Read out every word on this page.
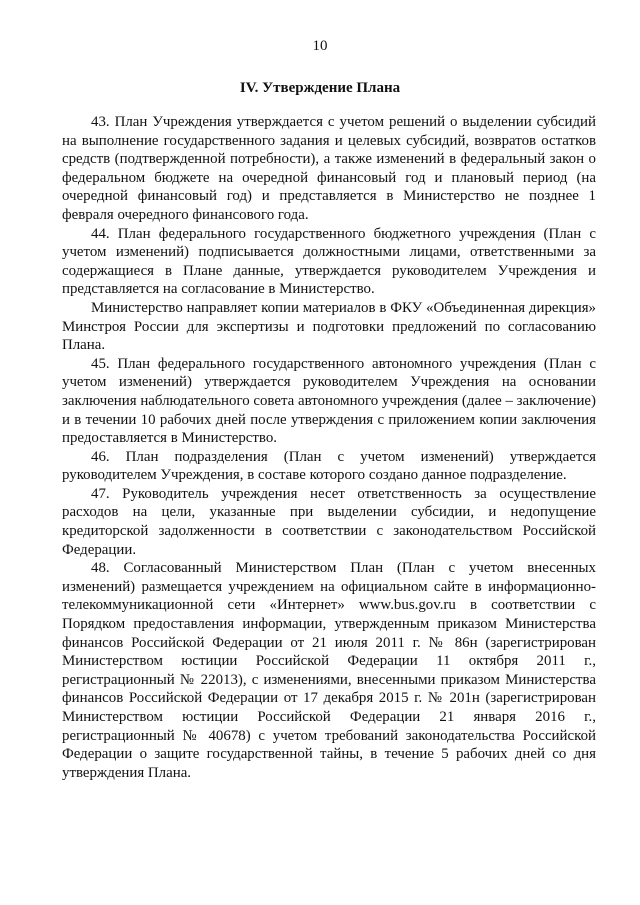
10
IV. Утверждение Плана

43. План Учреждения утверждается с учетом решений о выделении субсидий на выполнение государственного задания и целевых субсидий, возвратов остатков средств (подтвержденной потребности), а также изменений в федеральный закон о федеральном бюджете на очередной финансовый год и плановый период (на очередной финансовый год) и представляется в Министерство не позднее 1 февраля очередного финансового года.

44. План федерального государственного бюджетного учреждения (План с учетом изменений) подписывается должностными лицами, ответственными за содержащиеся в Плане данные, утверждается руководителем Учреждения и представляется на согласование в Министерство.

Министерство направляет копии материалов в ФКУ «Объединенная дирекция» Минстроя России для экспертизы и подготовки предложений по согласованию Плана.

45. План федерального государственного автономного учреждения (План с учетом изменений) утверждается руководителем Учреждения на основании заключения наблюдательного совета автономного учреждения (далее – заключение) и в течении 10 рабочих дней после утверждения с приложением копии заключения предоставляется в Министерство.

46. План подразделения (План с учетом изменений) утверждается руководителем Учреждения, в составе которого создано данное подразделение.

47. Руководитель учреждения несет ответственность за осуществление расходов на цели, указанные при выделении субсидии, и недопущение кредиторской задолженности в соответствии с законодательством Российской Федерации.

48. Согласованный Министерством План (План с учетом внесенных изменений) размещается учреждением на официальном сайте в информационно-телекоммуникационной сети «Интернет» www.bus.gov.ru в соответствии с Порядком предоставления информации, утвержденным приказом Министерства финансов Российской Федерации от 21 июля 2011 г. № 86н (зарегистрирован Министерством юстиции Российской Федерации 11 октября 2011 г., регистрационный № 22013), с изменениями, внесенными приказом Министерства финансов Российской Федерации от 17 декабря 2015 г. № 201н (зарегистрирован Министерством юстиции Российской Федерации 21 января 2016 г., регистрационный № 40678) с учетом требований законодательства Российской Федерации о защите государственной тайны, в течение 5 рабочих дней со дня утверждения Плана.
